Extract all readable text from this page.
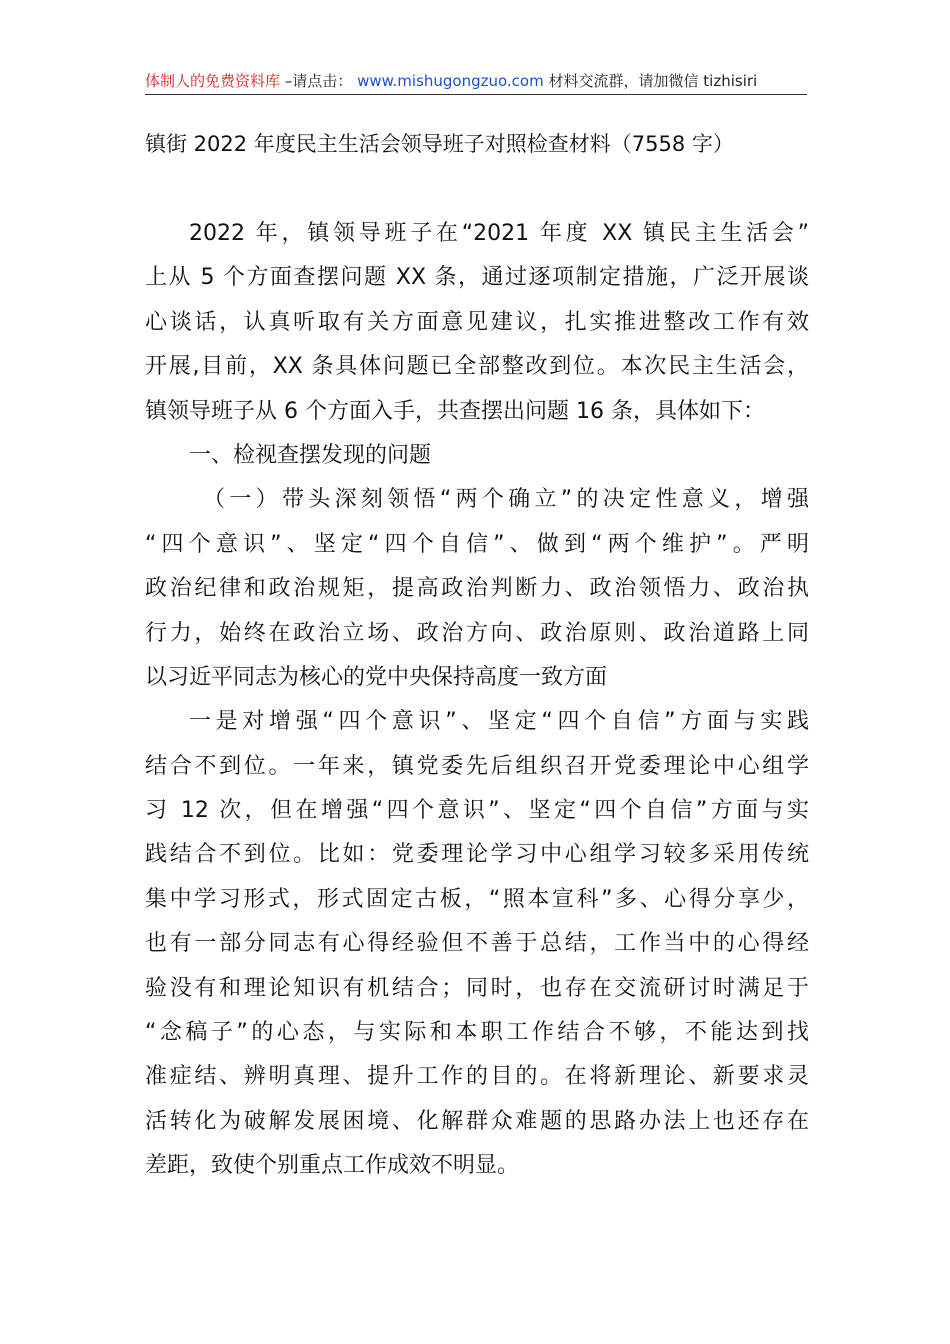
体制人的免费资料库 –请点击： www.mishugongzuo.com 材料交流群，请加微信 tizhisiri
镇街 2022 年度民主生活会领导班子对照检查材料（7558 字）
2022 年，镇领导班子在“2021 年度 XX 镇民主生活会”
上从 5 个方面查摆问题 XX 条，通过逐项制定措施，广泛开展谈
心谈话，认真听取有关方面意见建议，扎实推进整改工作有效
开展,目前，XX 条具体问题已全部整改到位。本次民主生活会，
镇领导班子从 6 个方面入手，共查摆出问题 16 条，具体如下：
一、检视查摆发现的问题
（一）带头深刻领悟“两个确立”的决定性意义，增强
“四个意识”、坚定“四个自信”、做到“两个维护”。严明
政治纪律和政治规矩，提高政治判断力、政治领悟力、政治执
行力，始终在政治立场、政治方向、政治原则、政治道路上同
以习近平同志为核心的党中央保持高度一致方面
一是对增强“四个意识”、坚定“四个自信”方面与实践
结合不到位。一年来，镇党委先后组织召开党委理论中心组学
习 12 次，但在增强“四个意识”、坚定“四个自信”方面与实
践结合不到位。比如：党委理论学习中心组学习较多采用传统
集中学习形式，形式固定古板，“照本宣科”多、心得分享少，
也有一部分同志有心得经验但不善于总结，工作当中的心得经
验没有和理论知识有机结合；同时，也存在交流研讨时满足于
“念稿子”的心态，与实际和本职工作结合不够，不能达到找
准症结、辨明真理、提升工作的目的。在将新理论、新要求灵
活转化为破解发展困境、化解群众难题的思路办法上也还存在
差距，致使个别重点工作成效不明显。
